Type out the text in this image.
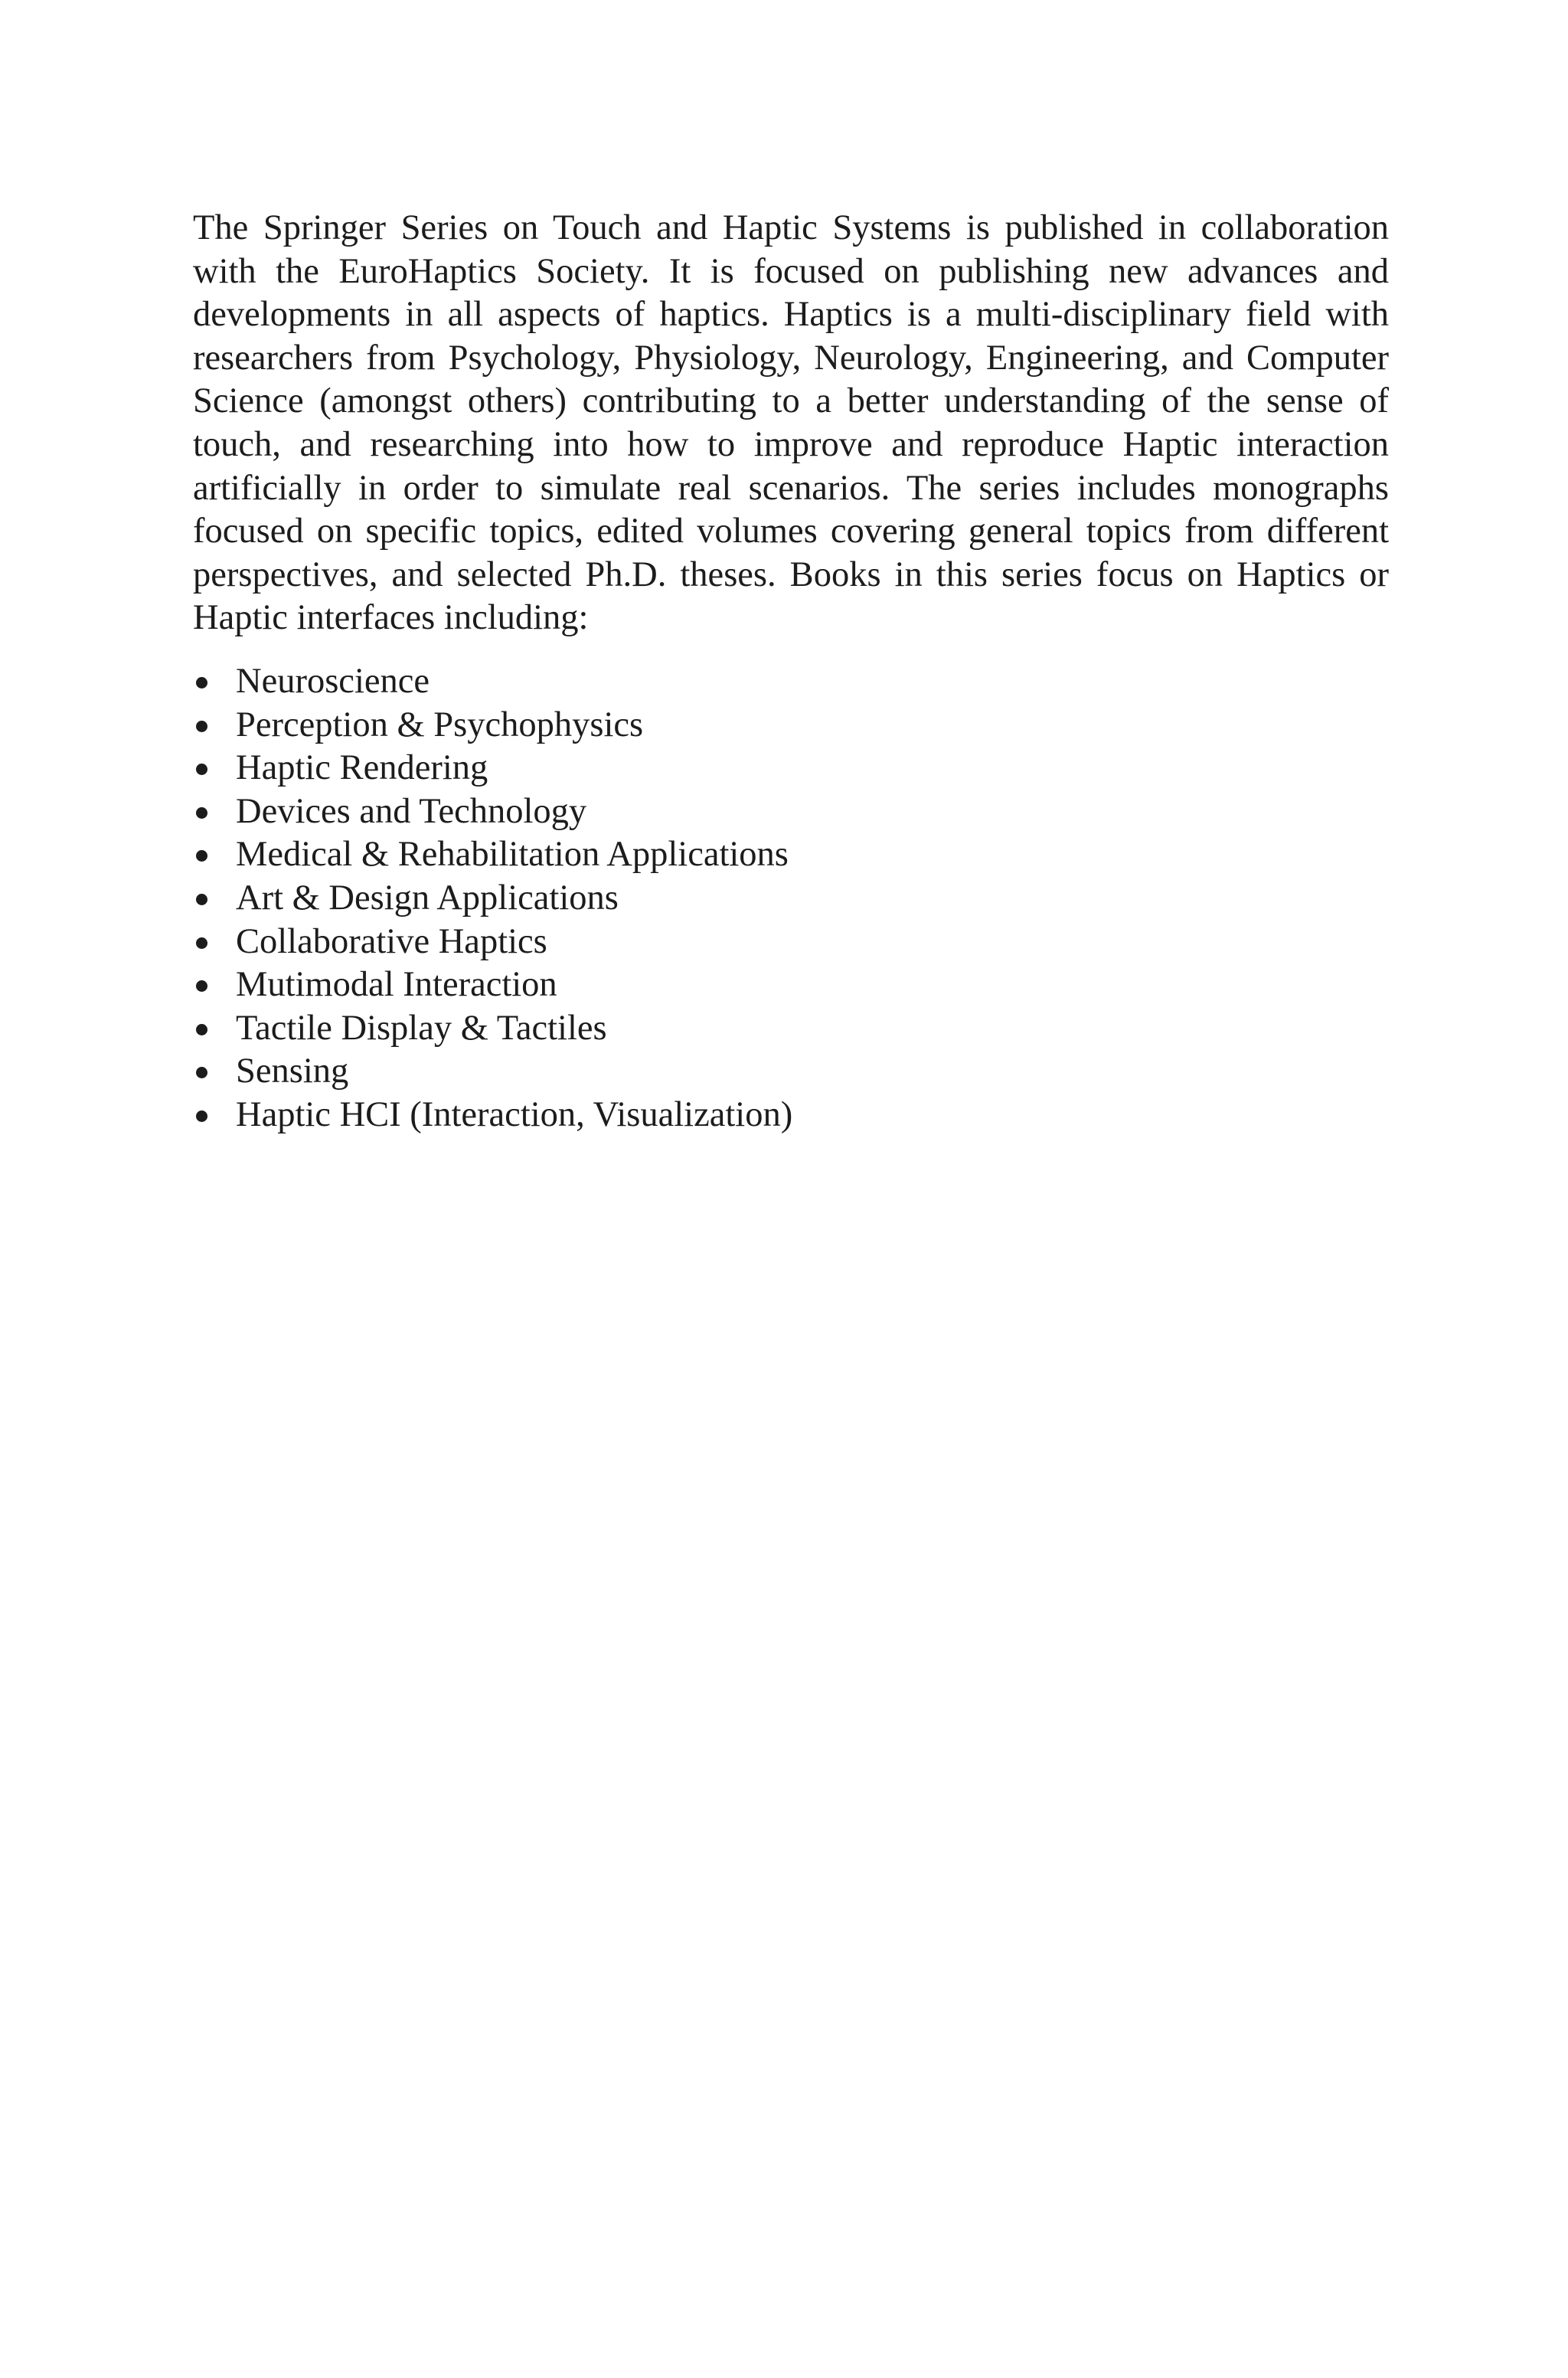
The Springer Series on Touch and Haptic Systems is published in collaboration with the EuroHaptics Society. It is focused on publishing new advances and developments in all aspects of haptics. Haptics is a multi-disciplinary field with researchers from Psychology, Physiology, Neurology, Engineering, and Computer Science (amongst others) contributing to a better understanding of the sense of touch, and researching into how to improve and reproduce Haptic interaction artificially in order to simulate real scenarios. The series includes monographs focused on specific topics, edited volumes covering general topics from different perspectives, and selected Ph.D. theses. Books in this series focus on Haptics or Haptic interfaces including:

Neuroscience
Perception & Psychophysics
Haptic Rendering
Devices and Technology
Medical & Rehabilitation Applications
Art & Design Applications
Collaborative Haptics
Mutimodal Interaction
Tactile Display & Tactiles
Sensing
Haptic HCI (Interaction, Visualization)
